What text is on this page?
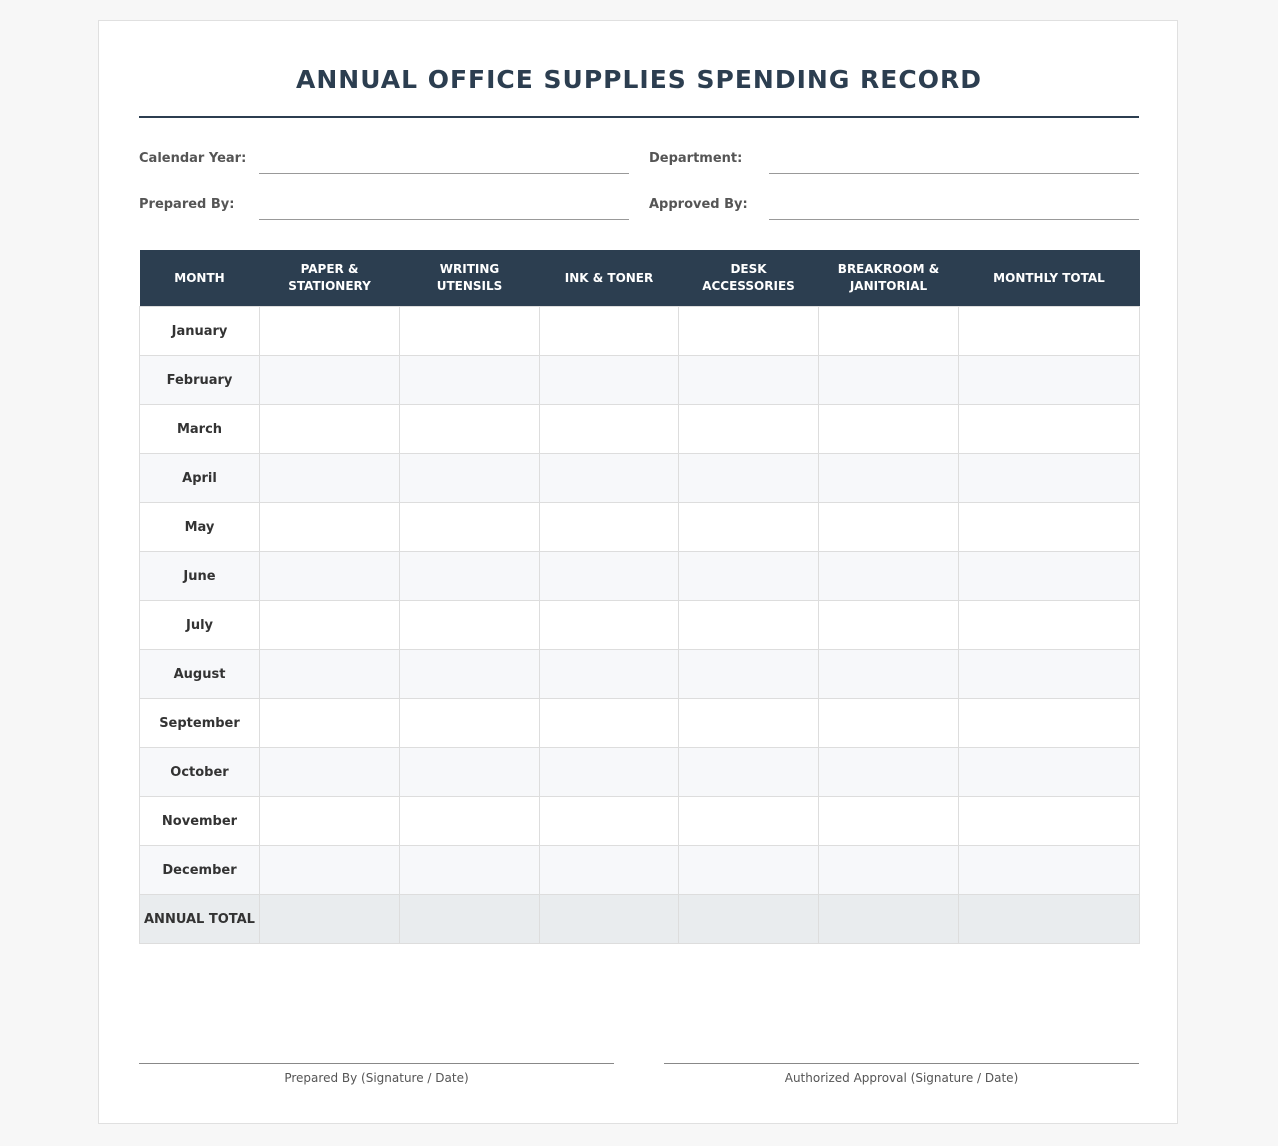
ANNUAL OFFICE SUPPLIES SPENDING RECORD
Calendar Year:	Department:
Prepared By:	Approved By:
MONTH	PAPER & STATIONERY	WRITING UTENSILS	INK & TONER	DESK ACCESSORIES	BREAKROOM & JANITORIAL	MONTHLY TOTAL
January						
February						
March						
April						
May						
June						
July						
August						
September						
October						
November						
December						
ANNUAL TOTAL						
Prepared By (Signature / Date)	Authorized Approval (Signature / Date)
